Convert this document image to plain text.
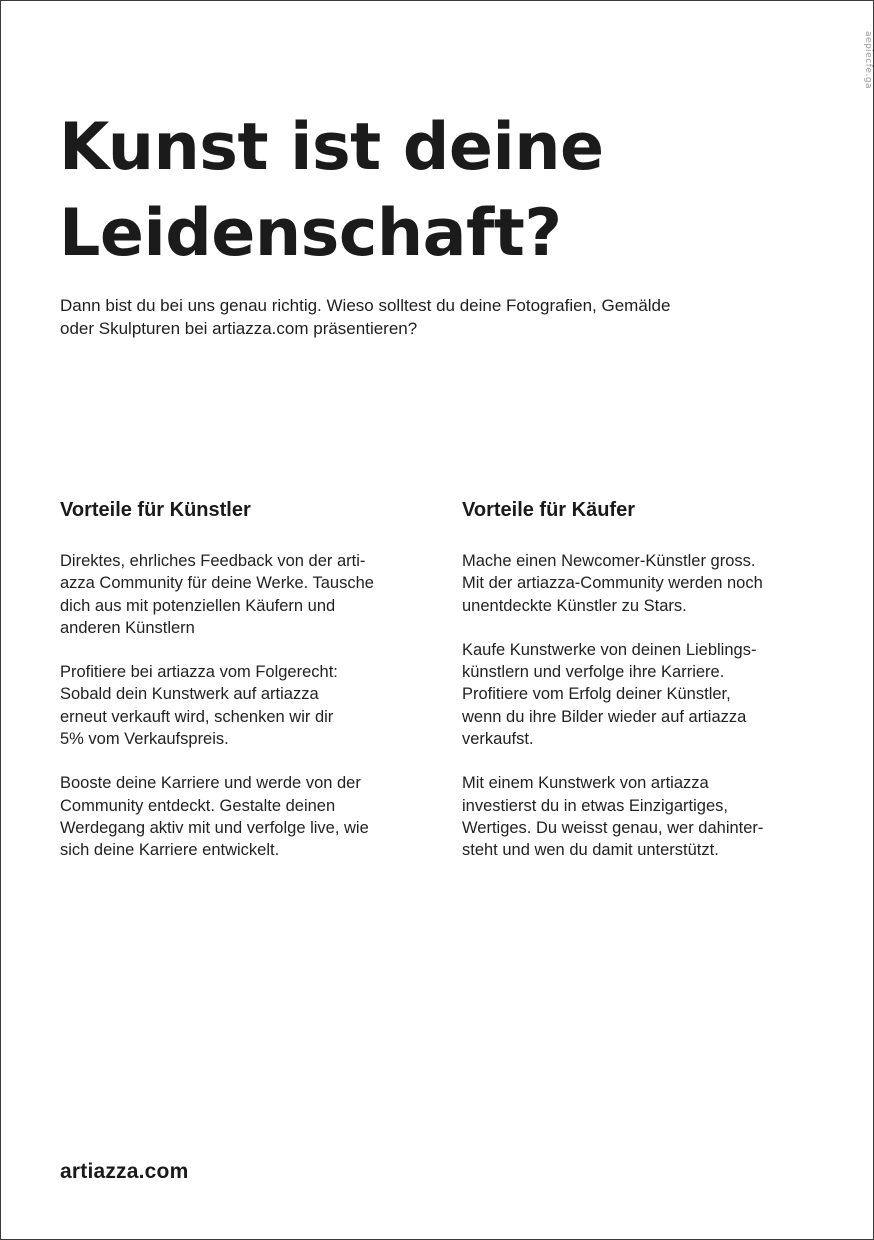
aepiecfe.ga
Kunst ist deine
Leidenschaft?

Dann bist du bei uns genau richtig. Wieso solltest du deine Fotografien, Gemälde
oder Skulpturen bei artiazza.com präsentieren?

Vorteile für Künstler

Direktes, ehrliches Feedback von der arti-
azza Community für deine Werke. Tausche
dich aus mit potenziellen Käufern und
anderen Künstlern

Profitiere bei artiazza vom Folgerecht:
Sobald dein Kunstwerk auf artiazza
erneut verkauft wird, schenken wir dir
5% vom Verkaufspreis.

Booste deine Karriere und werde von der
Community entdeckt. Gestalte deinen
Werdegang aktiv mit und verfolge live, wie
sich deine Karriere entwickelt.

Vorteile für Käufer

Mache einen Newcomer-Künstler gross.
Mit der artiazza-Community werden noch
unentdeckte Künstler zu Stars.

Kaufe Kunstwerke von deinen Lieblings-
künstlern und verfolge ihre Karriere.
Profitiere vom Erfolg deiner Künstler,
wenn du ihre Bilder wieder auf artiazza
verkaufst.

Mit einem Kunstwerk von artiazza
investierst du in etwas Einzigartiges,
Wertiges. Du weisst genau, wer dahinter-
steht und wen du damit unterstützt.

artiazza.com
